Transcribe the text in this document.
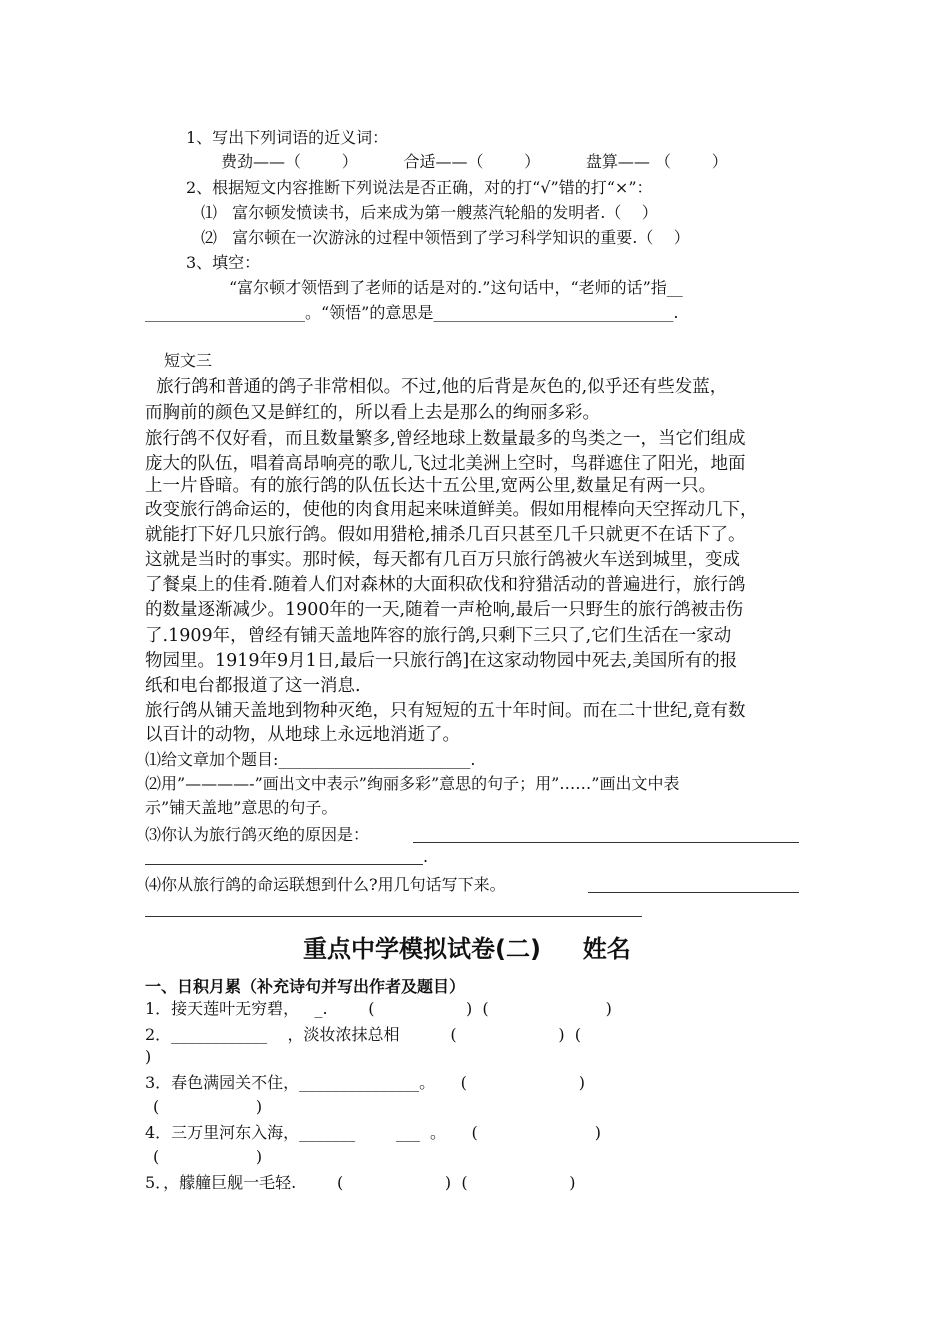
1、写出下列词语的近义词：
费劲——（        ）         合适——（        ）         盘算—— （        ）
2、根据短文内容推断下列说法是否正确，对的打“√”错的打“×”：
⑴   富尔顿发愤读书，后来成为第一艘蒸汽轮船的发明者.（    ）
⑵   富尔顿在一次游泳的过程中领悟到了学习科学知识的重要.（    ）
3、填空：
“富尔顿才领悟到了老师的话是对的.”这句话中，“老师的话”指__
____________________。“领悟”的意思是______________________________.
短文三
旅行鸽和普通的鸽子非常相似。不过,他的后背是灰色的,似乎还有些发蓝，
而胸前的颜色又是鲜红的，所以看上去是那么的绚丽多彩。
旅行鸽不仅好看，而且数量繁多,曾经地球上数量最多的鸟类之一，当它们组成
庞大的队伍，唱着高昂响亮的歌儿,飞过北美洲上空时，鸟群遮住了阳光，地面
上一片昏暗。有的旅行鸽的队伍长达十五公里,宽两公里,数量足有两一只。
改变旅行鸽命运的，使他的肉食用起来味道鲜美。假如用棍棒向天空挥动几下，
就能打下好几只旅行鸽。假如用猎枪,捕杀几百只甚至几千只就更不在话下了。
这就是当时的事实。那时候，每天都有几百万只旅行鸽被火车送到城里，变成
了餐桌上的佳肴.随着人们对森林的大面积砍伐和狩猎活动的普遍进行，旅行鸽
的数量逐渐减少。1900年的一天,随着一声枪响,最后一只野生的旅行鸽被击伤
了.1909年，曾经有铺天盖地阵容的旅行鸽,只剩下三只了,它们生活在一家动
物园里。1919年9月1日,最后一只旅行鸽]在这家动物园中死去,美国所有的报
纸和电台都报道了这一消息.
旅行鸽从铺天盖地到物种灭绝，只有短短的五十年时间。而在二十世纪,竟有数
以百计的动物，从地球上永远地消逝了。
⑴给文章加个题目:________________________.
⑵用”————-”画出文中表示”绚丽多彩”意思的句子；用”……”画出文中表
示”铺天盖地”意思的句子。
⑶你认为旅行鸽灭绝的原因是：
.
⑷你从旅行鸽的命运联想到什么?用几句话写下来。
重点中学模拟试卷(二)     姓名
一、日积月累（补充诗句并写出作者及题目）
1．接天莲叶无穷碧，   _.        (                  )  (                       )
2．____________    ，淡妆浓抹总相          (                    )  (
)
3．春色满园关不住，_______________。     (                      )
(                   )
4．三万里河东入海，_______        ___  。     (                       )
(                   )
5．，艨艟巨舰一毛轻.        (                    )  (                    )
